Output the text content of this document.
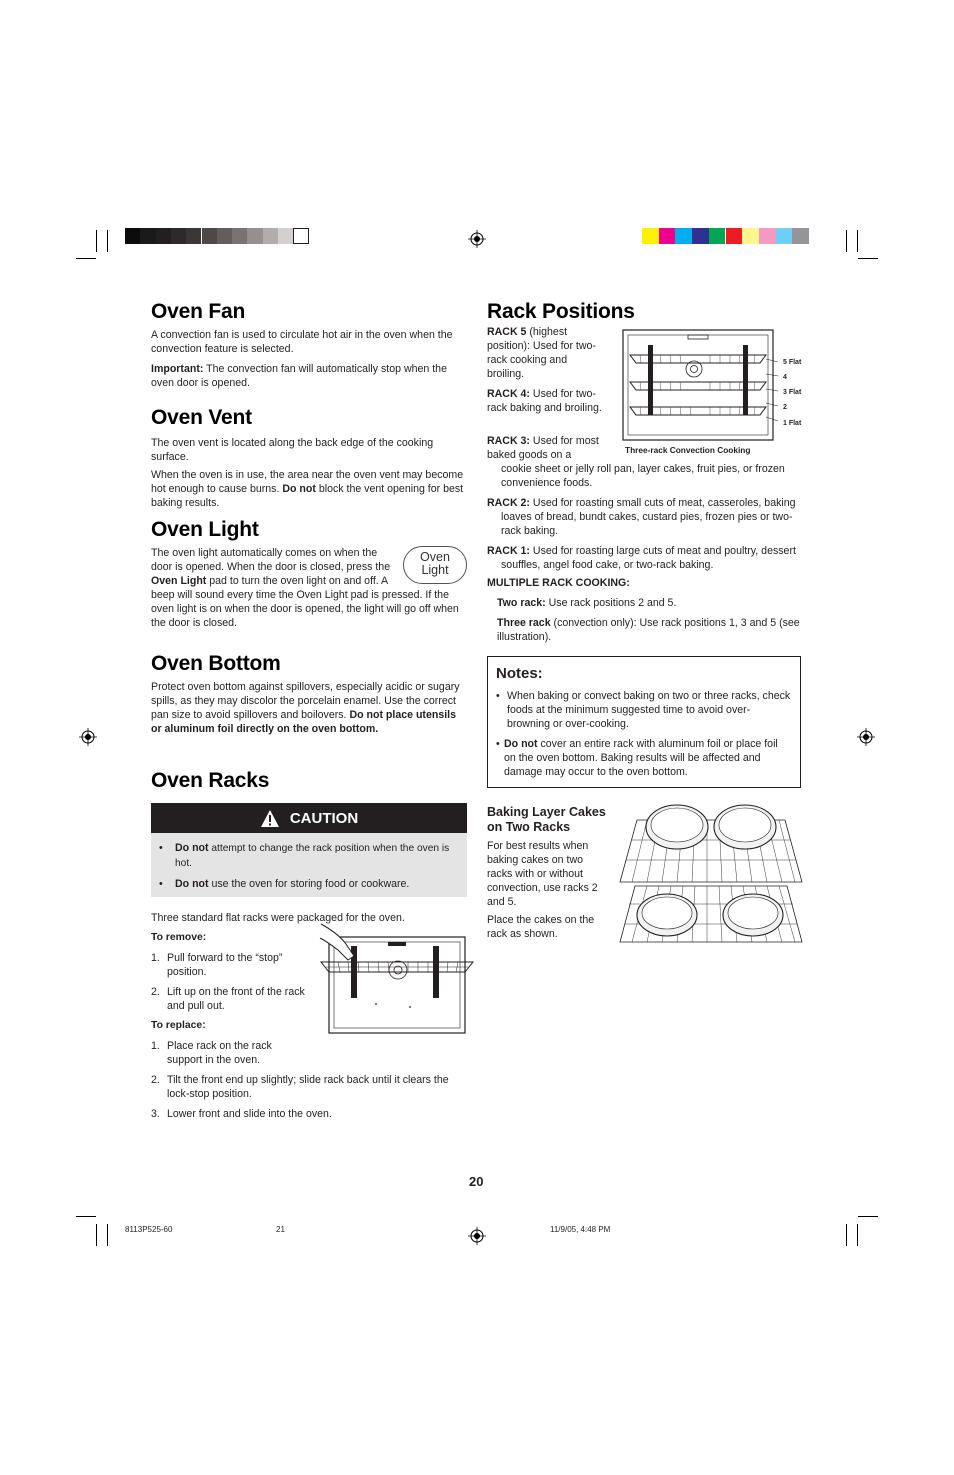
Oven Fan

A convection fan is used to circulate hot air in the oven when the convection feature is selected.

Important: The convection fan will automatically stop when the oven door is opened.

Oven Vent

The oven vent is located along the back edge of the cooking surface.

When the oven is in use, the area near the oven vent may become hot enough to cause burns. Do not block the vent opening for best baking results.

Oven Light
Oven
Light

The oven light automatically comes on when the door is opened. When the door is closed, press the Oven Light pad to turn the oven light on and off. A beep will sound every time the Oven Light pad is pressed. If the oven light is on when the door is opened, the light will go off when the door is closed.

Oven Bottom

Protect oven bottom against spillovers, especially acidic or sugary spills, as they may discolor the porcelain enamel. Use the correct pan size to avoid spillovers and boilovers. Do not place utensils or aluminum foil directly on the oven bottom.

Oven Racks
CAUTION
• Do not attempt to change the rack position when the oven is hot.
• Do not use the oven for storing food or cookware.

Three standard flat racks were packaged for the oven.

To remove:

1. Pull forward to the “stop” position.
2. Lift up on the front of the rack and pull out.

To replace:

1. Place rack on the rack support in the oven.
2. Tilt the front end up slightly; slide rack back until it clears the lock-stop position.
3. Lower front and slide into the oven.
Rack Positions
RACK 5 (highest position): Used for two-rack cooking and broiling.
RACK 4: Used for two-rack baking and broiling.
RACK 3: Used for most baked goods on a
cookie sheet or jelly roll pan, layer cakes, fruit pies, or frozen convenience foods.
5 Flat
4
3 Flat
2
1 Flat
Three-rack Convection Cooking
RACK 2: Used for roasting small cuts of meat, casseroles, baking loaves of bread, bundt cakes, custard pies, frozen pies or two-rack baking.
RACK 1: Used for roasting large cuts of meat and poultry, dessert souffles, angel food cake, or two-rack baking.
MULTIPLE RACK COOKING:
Two rack: Use rack positions 2 and 5.
Three rack (convection only): Use rack positions 1, 3 and 5 (see illustration).
Notes:
• When baking or convect baking on two or three racks, check foods at the minimum suggested time to avoid over-browning or over-cooking.
• Do not cover an entire rack with aluminum foil or place foil on the oven bottom. Baking results will be affected and damage may occur to the oven bottom.
Baking Layer Cakes on Two Racks

For best results when baking cakes on two racks with or without convection, use racks 2 and 5.

Place the cakes on the rack as shown.

20
8113P525-60	21	11/9/05, 4:48 PM
